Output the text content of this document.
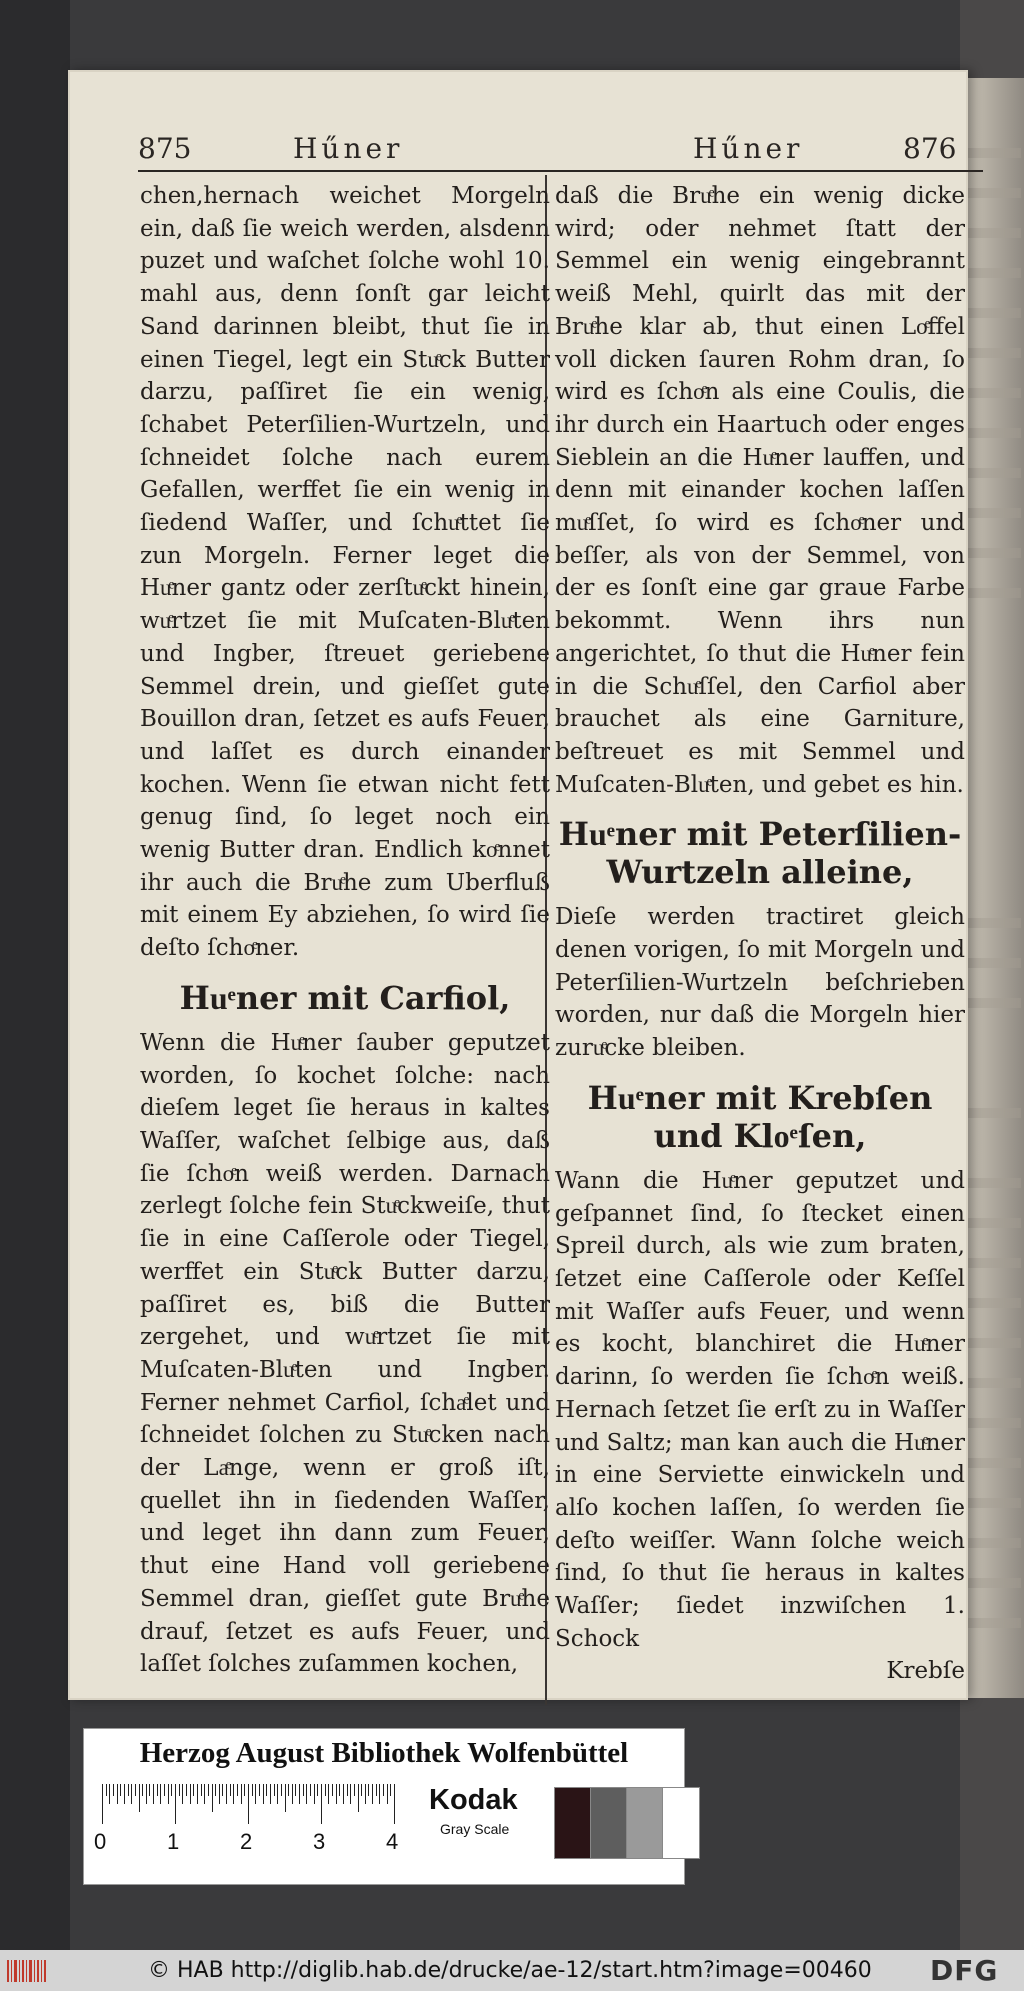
875	Hűner	Hűner	876

chen,hernach weichet Morgeln ein, daß ſie weich werden, alsdenn puzet und waſchet ſolche wohl 10. mahl aus, denn ſonſt gar leicht Sand darinnen bleibt, thut ſie in einen Tiegel, legt ein Stuͤck Butter darzu, paſſiret ſie ein wenig, ſchabet Peterſilien-Wurtzeln, und ſchneidet ſolche nach eurem Gefallen, werffet ſie ein wenig in ſiedend Waſſer, und ſchuͤttet ſie zun Morgeln. Ferner leget die Huͤner gantz oder zerſtuͤckt hinein, wuͤrtzet ſie mit Muſcaten-Bluͤten und Ingber, ſtreuet geriebene Semmel drein, und gieſſet gute Bouillon dran, ſetzet es aufs Feuer, und laſſet es durch einander kochen. Wenn ſie etwan nicht fett genug ſind, ſo leget noch ein wenig Butter dran. Endlich koͤnnet ihr auch die Bruͤhe zum Uberfluß mit einem Ey abziehen, ſo wird ſie deſto ſchoͤner.

Huͤner mit Carfiol,

Wenn die Huͤner ſauber geputzet worden, ſo kochet ſolche: nach dieſem leget ſie heraus in kaltes Waſſer, waſchet ſelbige aus, daß ſie ſchoͤn weiß werden. Darnach zerlegt ſolche fein Stuͤckweiſe, thut ſie in eine Caſſerole oder Tiegel, werffet ein Stuͤck Butter darzu, paſſiret es, biß die Butter zergehet, und wuͤrtzet ſie mit Muſcaten-Bluͤten und Ingber. Ferner nehmet Carfiol, ſchaͤlet und ſchneidet ſolchen zu Stuͤcken nach der Laͤnge, wenn er groß iſt, quellet ihn in ſiedenden Waſſer, und leget ihn dann zum Feuer, thut eine Hand voll geriebene Semmel dran, gieſſet gute Bruͤhe drauf, ſetzet es aufs Feuer, und laſſet ſolches zuſammen kochen,

daß die Bruͤhe ein wenig dicke wird; oder nehmet ſtatt der Semmel ein wenig eingebrannt weiß Mehl, quirlt das mit der Bruͤhe klar ab, thut einen Loͤffel voll dicken ſauren Rohm dran, ſo wird es ſchoͤn als eine Coulis, die ihr durch ein Haartuch oder enges Sieblein an die Huͤner lauffen, und denn mit einander kochen laſſen muͤſſet, ſo wird es ſchoͤner und beſſer, als von der Semmel, von der es ſonſt eine gar graue Farbe bekommt. Wenn ihrs nun angerichtet, ſo thut die Huͤner fein in die Schuͤſſel, den Carfiol aber brauchet als eine Garniture, beſtreuet es mit Semmel und Muſcaten-Bluͤten, und gebet es hin.

Huͤner mit Peterſilien-Wurtzeln alleine,

Dieſe werden tractiret gleich denen vorigen, ſo mit Morgeln und Peterſilien-Wurtzeln beſchrieben worden, nur daß die Morgeln hier zuruͤcke bleiben.

Huͤner mit Krebſen und Kloͤſen,

Wann die Huͤner geputzet und geſpannet ſind, ſo ſtecket einen Spreil durch, als wie zum braten, ſetzet eine Caſſerole oder Keſſel mit Waſſer aufs Feuer, und wenn es kocht, blanchiret die Huͤner darinn, ſo werden ſie ſchoͤn weiß. Hernach ſetzet ſie erſt zu in Waſſer und Saltz; man kan auch die Huͤner in eine Serviette einwickeln und alſo kochen laſſen, ſo werden ſie deſto weiſſer. Wann ſolche weich ſind, ſo thut ſie heraus in kaltes Waſſer; ſiedet inzwiſchen 1. Schock

Krebſe

Herzog August Bibliothek Wolfenbüttel
0	1	2	3	4
Kodak
Gray Scale
© HAB http://diglib.hab.de/drucke/ae-12/start.htm?image=00460 DFG
